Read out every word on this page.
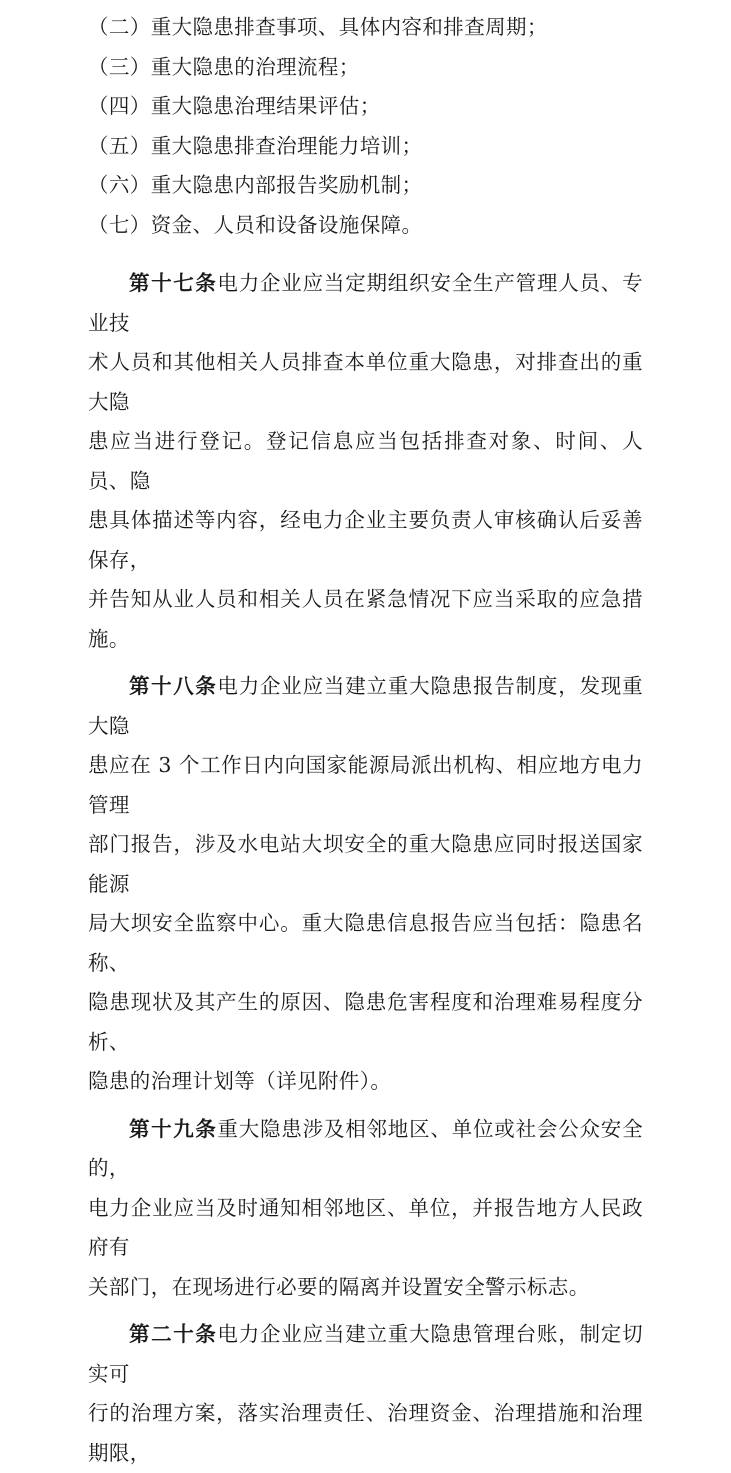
（二）重大隐患排查事项、具体内容和排查周期；
（三）重大隐患的治理流程；
（四）重大隐患治理结果评估；
（五）重大隐患排查治理能力培训；
（六）重大隐患内部报告奖励机制；
（七）资金、人员和设备设施保障。
第十七条电力企业应当定期组织安全生产管理人员、专业技
术人员和其他相关人员排查本单位重大隐患，对排查出的重大隐
患应当进行登记。登记信息应当包括排查对象、时间、人员、隐
患具体描述等内容，经电力企业主要负责人审核确认后妥善保存，
并告知从业人员和相关人员在紧急情况下应当采取的应急措施。
第十八条电力企业应当建立重大隐患报告制度，发现重大隐
患应在 3 个工作日内向国家能源局派出机构、相应地方电力管理
部门报告，涉及水电站大坝安全的重大隐患应同时报送国家能源
局大坝安全监察中心。重大隐患信息报告应当包括：隐患名称、
隐患现状及其产生的原因、隐患危害程度和治理难易程度分析、
隐患的治理计划等（详见附件）。
第十九条重大隐患涉及相邻地区、单位或社会公众安全的，
电力企业应当及时通知相邻地区、单位，并报告地方人民政府有
关部门，在现场进行必要的隔离并设置安全警示标志。
第二十条电力企业应当建立重大隐患管理台账，制定切实可
行的治理方案，落实治理责任、治理资金、治理措施和治理期限，
